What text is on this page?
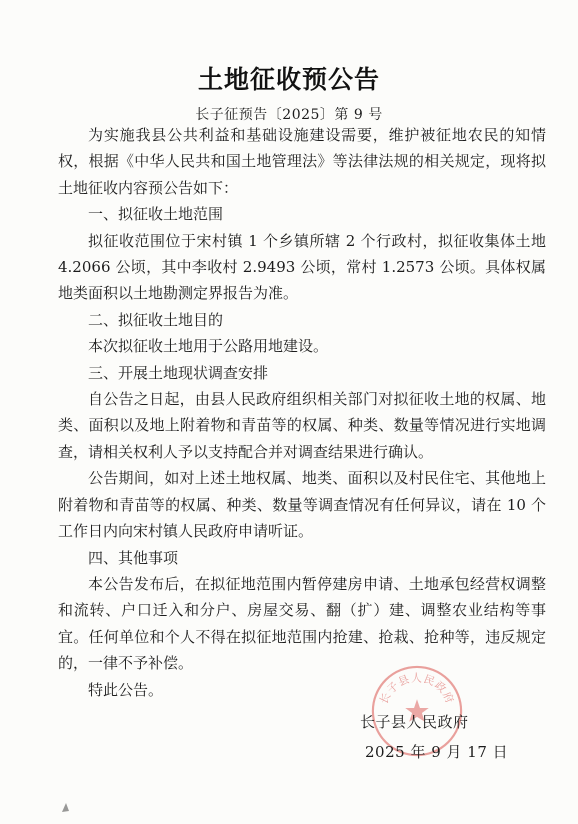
土地征收预公告
长子征预告〔2025〕第 9 号

为实施我县公共利益和基础设施建设需要，维护被征地农民的知情权，根据《中华人民共和国土地管理法》等法律法规的相关规定，现将拟土地征收内容预公告如下：

一、拟征收土地范围

拟征收范围位于宋村镇 1 个乡镇所辖 2 个行政村，拟征收集体土地 4.2066 公顷，其中李收村 2.9493 公顷，常村 1.2573 公顷。具体权属地类面积以土地勘测定界报告为准。

二、拟征收土地目的

本次拟征收土地用于公路用地建设。

三、开展土地现状调查安排

自公告之日起，由县人民政府组织相关部门对拟征收土地的权属、地类、面积以及地上附着物和青苗等的权属、种类、数量等情况进行实地调查，请相关权利人予以支持配合并对调查结果进行确认。

公告期间，如对上述土地权属、地类、面积以及村民住宅、其他地上附着物和青苗等的权属、种类、数量等调查情况有任何异议，请在 10 个工作日内向宋村镇人民政府申请听证。

四、其他事项

本公告发布后，在拟征地范围内暂停建房申请、土地承包经营权调整和流转、户口迁入和分户、房屋交易、翻（扩）建、调整农业结构等事宜。任何单位和个人不得在拟征地范围内抢建、抢栽、抢种等，违反规定的，一律不予补偿。

特此公告。	长子县人民政府
长子县人民政府
2025 年 9 月 17 日
